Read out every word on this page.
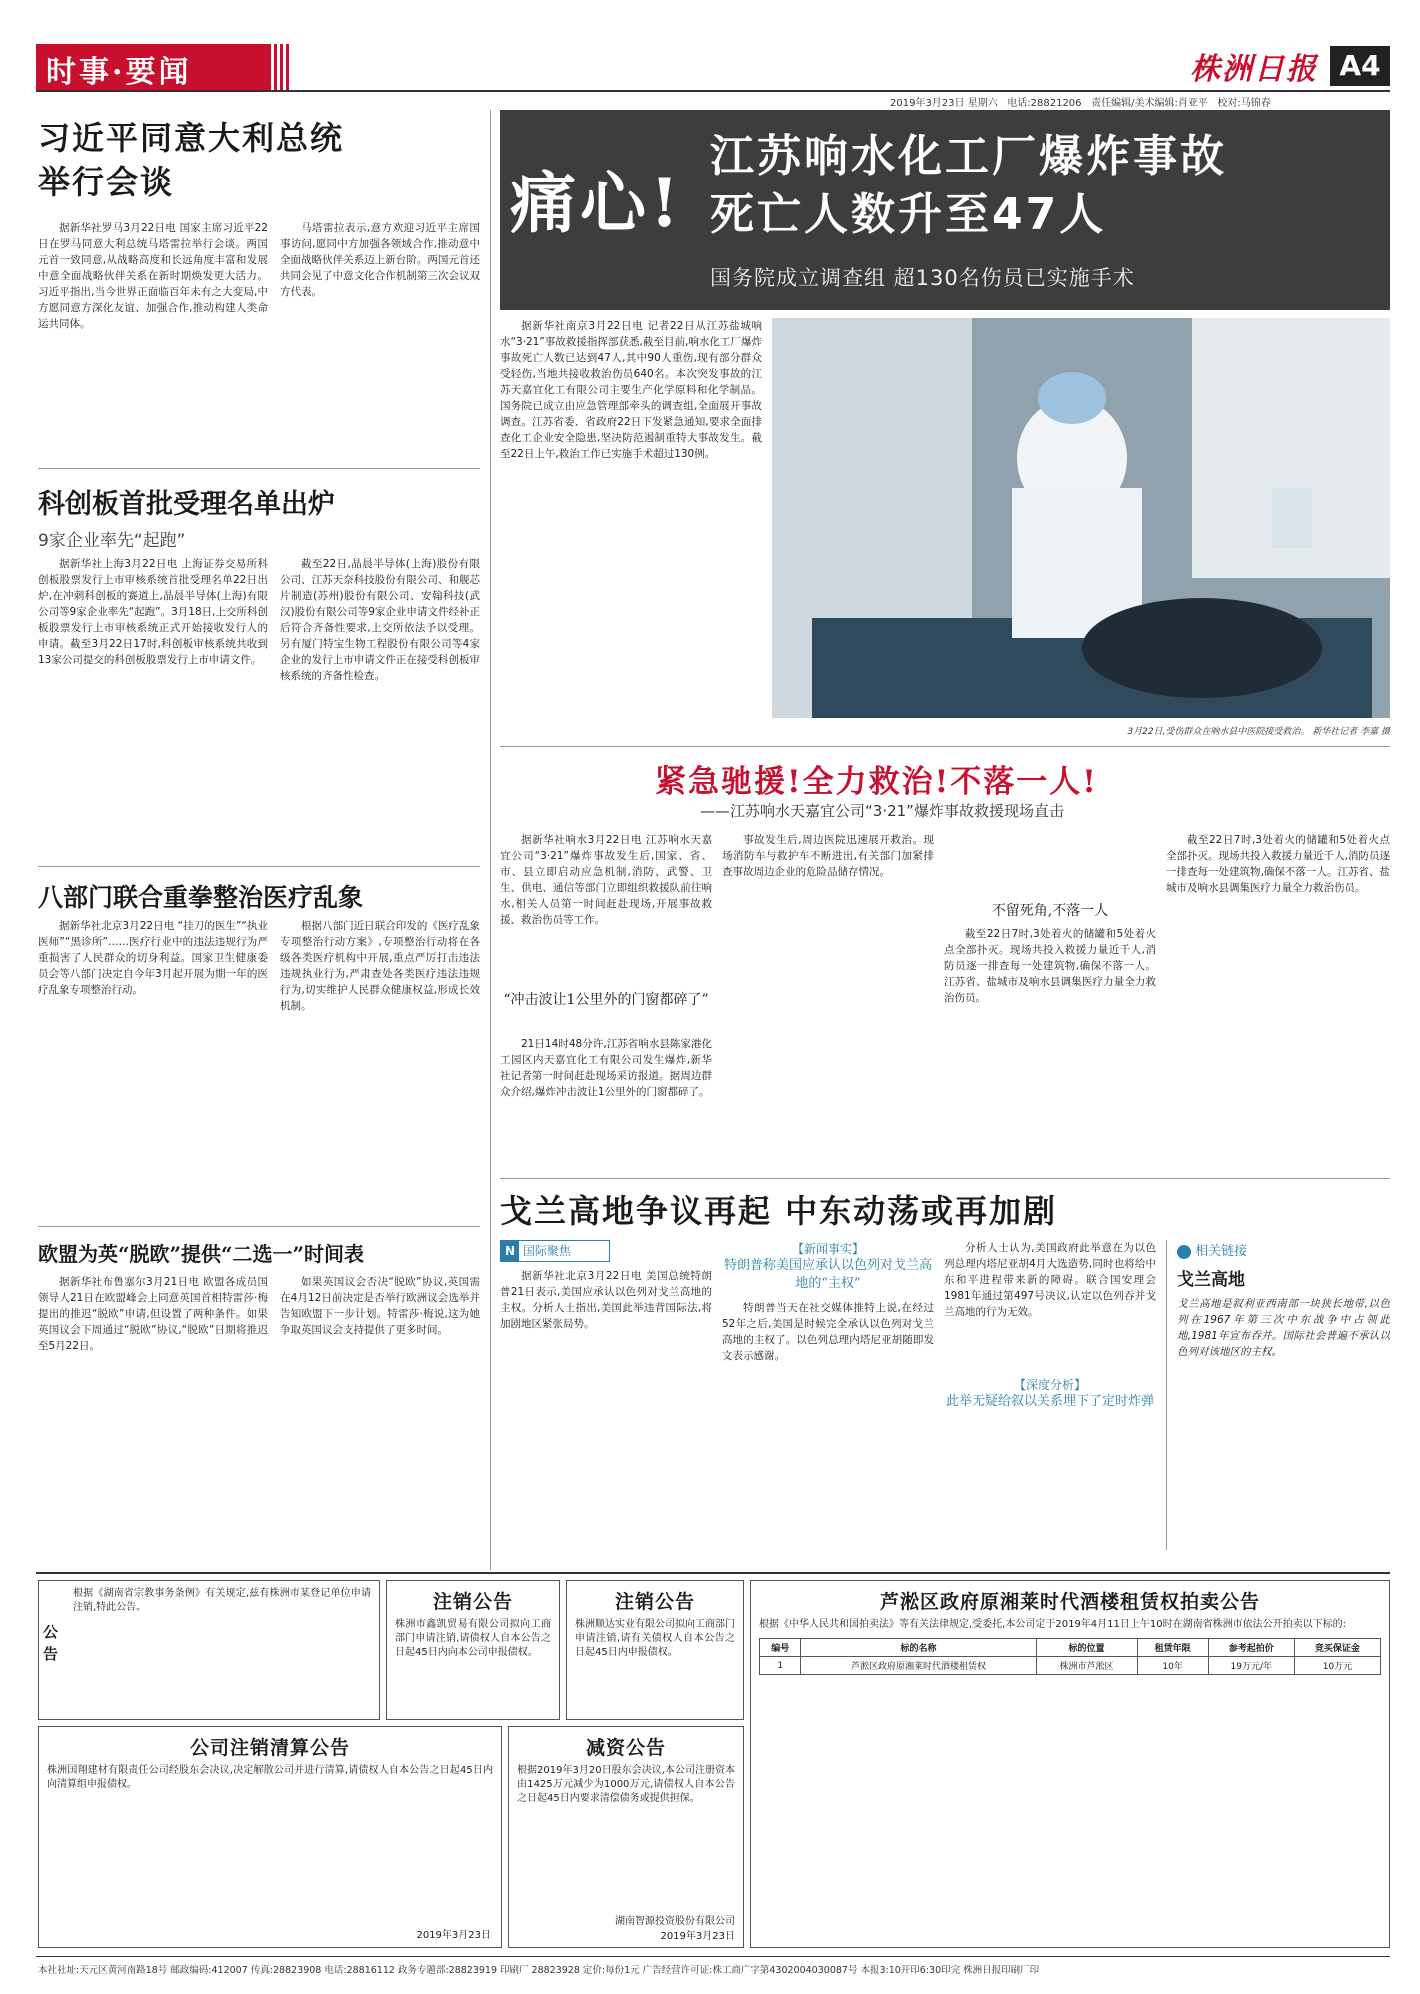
时事·要闻	株洲日报 A4
2019年3月23日 星期六 电话:28821206 责任编辑/美术编辑:肖亚平 校对:马锦春
习近平同意大利总统
举行会谈

据新华社罗马3月22日电 国家主席习近平22日在罗马同意大利总统马塔雷拉举行会谈。两国元首一致同意,从战略高度和长远角度丰富和发展中意全面战略伙伴关系在新时期焕发更大活力。习近平指出,当今世界正面临百年未有之大变局,中方愿同意方深化友谊、加强合作,推动构建人类命运共同体。

马塔雷拉表示,意方欢迎习近平主席国事访问,愿同中方加强各领域合作,推动意中全面战略伙伴关系迈上新台阶。两国元首还共同会见了中意文化合作机制第三次会议双方代表。

科创板首批受理名单出炉
9家企业率先“起跑”

据新华社上海3月22日电 上海证券交易所科创板股票发行上市审核系统首批受理名单22日出炉,在冲刺科创板的赛道上,晶晨半导体(上海)有限公司等9家企业率先“起跑”。3月18日,上交所科创板股票发行上市审核系统正式开始接收发行人的申请。截至3月22日17时,科创板审核系统共收到13家公司提交的科创板股票发行上市申请文件。

截至22日,晶晨半导体(上海)股份有限公司、江苏天奈科技股份有限公司、和舰芯片制造(苏州)股份有限公司、安翰科技(武汉)股份有限公司等9家企业申请文件经补正后符合齐备性要求,上交所依法予以受理。另有厦门特宝生物工程股份有限公司等4家企业的发行上市申请文件正在接受科创板审核系统的齐备性检查。

八部门联合重拳整治医疗乱象

据新华社北京3月22日电 “挂刀的医生”“执业医师”“黑诊所”……医疗行业中的违法违规行为严重损害了人民群众的切身利益。国家卫生健康委员会等八部门决定自今年3月起开展为期一年的医疗乱象专项整治行动。

根据八部门近日联合印发的《医疗乱象专项整治行动方案》,专项整治行动将在各级各类医疗机构中开展,重点严厉打击违法违规执业行为,严肃查处各类医疗违法违规行为,切实维护人民群众健康权益,形成长效机制。

欧盟为英“脱欧”提供“二选一”时间表

据新华社布鲁塞尔3月21日电 欧盟各成员国领导人21日在欧盟峰会上同意英国首相特雷莎·梅提出的推迟“脱欧”申请,但设置了两种条件。如果英国议会下周通过“脱欧”协议,“脱欧”日期将推迟至5月22日。

如果英国议会否决“脱欧”协议,英国需在4月12日前决定是否举行欧洲议会选举并告知欧盟下一步计划。特雷莎·梅说,这为她争取英国议会支持提供了更多时间。

痛心!
江苏响水化工厂爆炸事故
死亡人数升至47人
国务院成立调查组 超130名伤员已实施手术

据新华社南京3月22日电 记者22日从江苏盐城响水“3·21”事故救援指挥部获悉,截至目前,响水化工厂爆炸事故死亡人数已达到47人,其中90人重伤,现有部分群众受轻伤,当地共接收救治伤员640名。本次突发事故的江苏天嘉宜化工有限公司主要生产化学原料和化学制品。国务院已成立由应急管理部牵头的调查组,全面展开事故调查。江苏省委、省政府22日下发紧急通知,要求全面排查化工企业安全隐患,坚决防范遏制重特大事故发生。截至22日上午,救治工作已实施手术超过130例。

3月22日,受伤群众在响水县中医院接受救治。 新华社记者 李嘉 摄
紧急驰援!全力救治!不落一人!
——江苏响水天嘉宜公司“3·21”爆炸事故救援现场直击

据新华社响水3月22日电 江苏响水天嘉宜公司“3·21”爆炸事故发生后,国家、省、市、县立即启动应急机制,消防、武警、卫生、供电、通信等部门立即组织救援队前往响水,相关人员第一时间赶赴现场,开展事故救援、救治伤员等工作。

“冲击波让1公里外的门窗都碎了”

21日14时48分许,江苏省响水县陈家港化工园区内天嘉宜化工有限公司发生爆炸,新华社记者第一时间赶赴现场采访报道。据周边群众介绍,爆炸冲击波让1公里外的门窗都碎了。

事故发生后,周边医院迅速展开救治。现场消防车与救护车不断进出,有关部门加紧排查事故周边企业的危险品储存情况。

不留死角,不落一人

截至22日7时,3处着火的储罐和5处着火点全部扑灭。现场共投入救援力量近千人,消防员逐一排查每一处建筑物,确保不落一人。江苏省、盐城市及响水县调集医疗力量全力救治伤员。

截至22日7时,3处着火的储罐和5处着火点全部扑灭。现场共投入救援力量近千人,消防员逐一排查每一处建筑物,确保不落一人。江苏省、盐城市及响水县调集医疗力量全力救治伤员。

戈兰高地争议再起 中东动荡或再加剧
N 国际聚焦

据新华社北京3月22日电 美国总统特朗普21日表示,美国应承认以色列对戈兰高地的主权。分析人士指出,美国此举违背国际法,将加剧地区紧张局势。

【新闻事实】
特朗普称美国应承认以色列对戈兰高地的“主权”

特朗普当天在社交媒体推特上说,在经过52年之后,美国是时候完全承认以色列对戈兰高地的主权了。以色列总理内塔尼亚胡随即发文表示感谢。

【深度分析】
此举无疑给叙以关系埋下了定时炸弹

分析人士认为,美国政府此举意在为以色列总理内塔尼亚胡4月大选造势,同时也将给中东和平进程带来新的障碍。联合国安理会1981年通过第497号决议,认定以色列吞并戈兰高地的行为无效。

相关链接
戈兰高地
戈兰高地是叙利亚西南部一块狭长地带,以色列在1967年第三次中东战争中占领此地,1981年宣布吞并。国际社会普遍不承认以色列对该地区的主权。
公告
根据《湖南省宗教事务条例》有关规定,兹有株洲市某登记单位申请注销,特此公告。	注销公告
株洲市鑫凯贸易有限公司拟向工商部门申请注销,请债权人自本公告之日起45日内向本公司申报债权。
注销公告
株洲顺达实业有限公司拟向工商部门申请注销,请有关债权人自本公告之日起45日内申报债权。
芦淞区政府原湘莱时代酒楼租赁权拍卖公告
根据《中华人民共和国拍卖法》等有关法律规定,受委托,本公司定于2019年4月11日上午10时在湖南省株洲市依法公开拍卖以下标的:
编号	标的名称	标的位置	租赁年限	参考起拍价	竞买保证金
1	芦淞区政府原湘莱时代酒楼租赁权	株洲市芦淞区	10年	19万元/年	10万元
公司注销清算公告
株洲国翔建材有限责任公司经股东会决议,决定解散公司并进行清算,请债权人自本公告之日起45日内向清算组申报债权。
2019年3月23日
减资公告
根据2019年3月20日股东会决议,本公司注册资本由1425万元减少为1000万元,请债权人自本公告之日起45日内要求清偿债务或提供担保。
湖南智源投资股份有限公司
2019年3月23日
本社社址:天元区黄河南路18号 邮政编码:412007 传真:28823908 电话:28816112 政务专题部:28823919 印刷厂 28823928 定价:每份1元 广告经营许可证:株工商广字第4302004030087号 本报3:10开印6:30印完 株洲日报印刷厂印
